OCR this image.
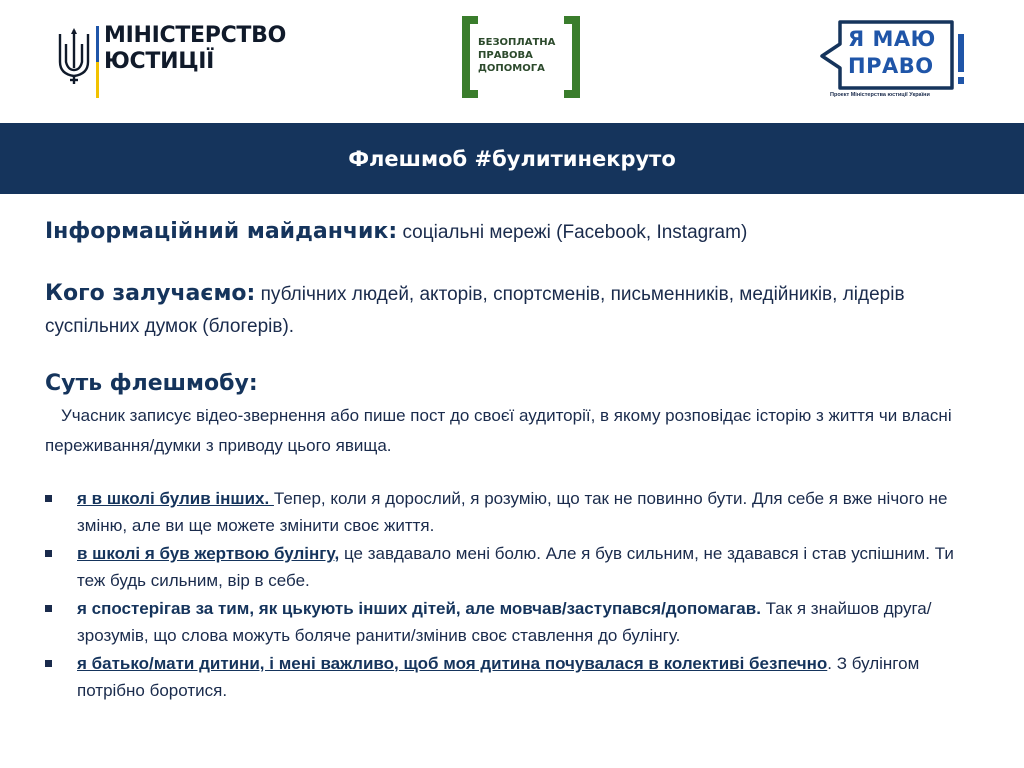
МІНІСТЕРСТВО
ЮСТИЦІЇ
БЕЗОПЛАТНА
ПРАВОВА
ДОПОМОГА
Я МАЮ
ПРАВО
Проект Міністерства юстиції України
Флешмоб #булитинекруто

Інформаційний майданчик: соціальні мережі (Facebook, Instagram)

Кого залучаємо: публічних людей, акторів, спортсменів, письменників, медійників, лідерів суспільних думок (блогерів).

Суть флешмобу:

Учасник записує відео-звернення або пише пост до своєї аудиторії, в якому розповідає історію з життя чи власні переживання/думки з приводу цього явища.

я в школі булив інших. Тепер, коли я дорослий, я розумію, що так не повинно бути. Для себе я вже нічого не зміню, але ви ще можете змінити своє життя.
в школі я був жертвою булінгу, це завдавало мені болю. Але я був сильним, не здавався і став успішним. Ти теж будь сильним, вір в себе.
я спостерігав за тим, як цькують інших дітей, але мовчав/заступався/допомагав. Так я знайшов друга/зрозумів, що слова можуть боляче ранити/змінив своє ставлення до булінгу.
я батько/мати дитини, і мені важливо, щоб моя дитина почувалася в колективі безпечно. З булінгом потрібно боротися.
